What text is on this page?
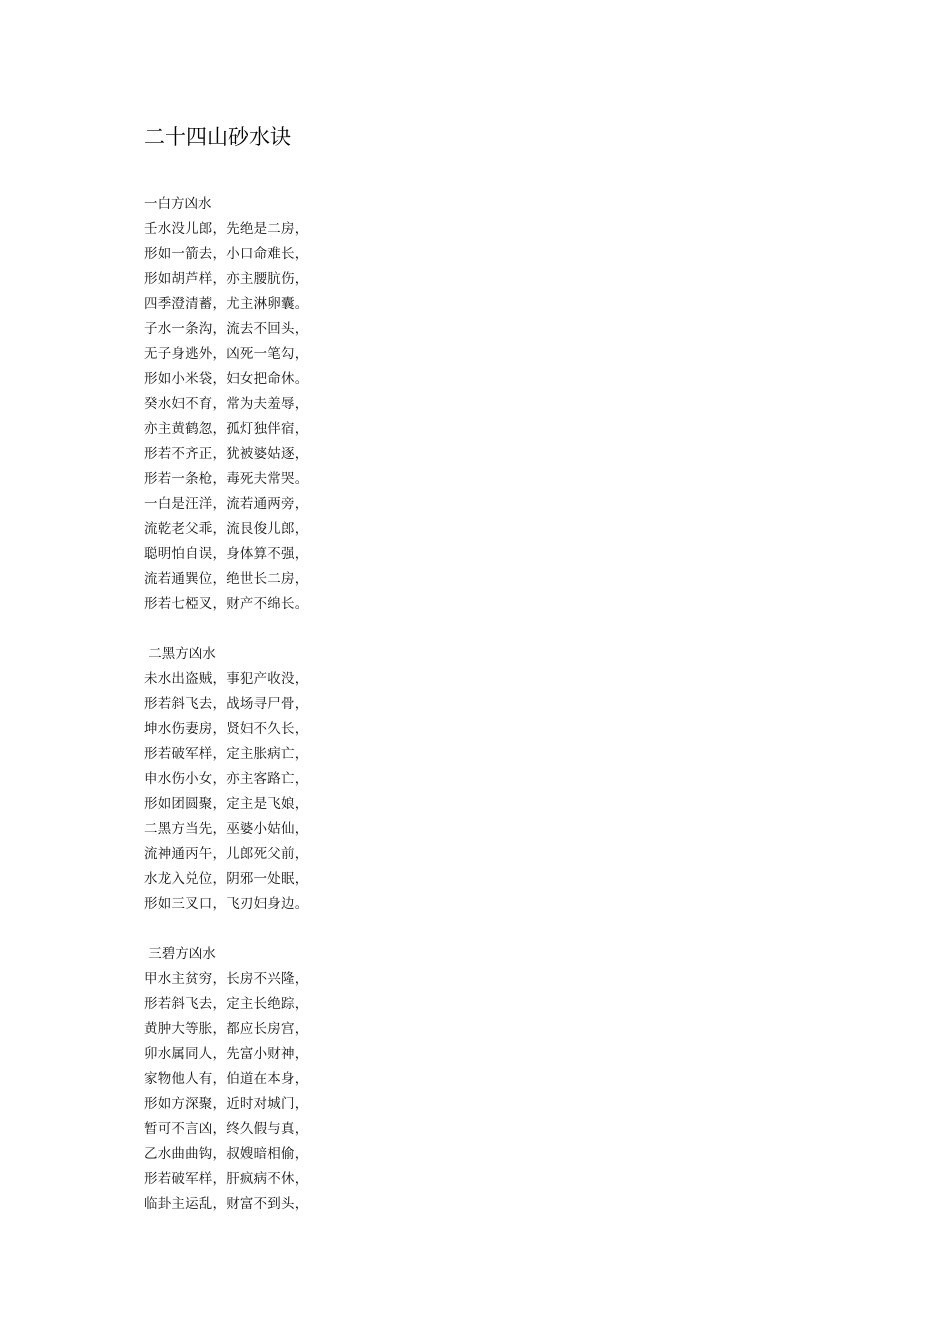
二十四山砂水诀
一白方凶水
壬水没儿郎，先绝是二房，
形如一箭去，小口命难长，
形如胡芦样，亦主腰肮伤，
四季澄清蓄，尤主淋卵囊。
子水一条沟，流去不回头，
无子身逃外，凶死一笔勾，
形如小米袋，妇女把命休。
癸水妇不育，常为夫羞辱，
亦主黄鹤忽，孤灯独伴宿，
形若不齐正，犹被婆姑逐，
形若一条枪，毒死夫常哭。
一白是汪洋，流若通两旁，
流乾老父乖，流艮俊儿郎，
聪明怕自误，身体算不强，
流若通巽位，绝世长二房，
形若七椏叉，财产不绵长。
二黑方凶水
未水出盗贼，事犯产收没，
形若斜飞去，战场寻尸骨，
坤水伤妻房，贤妇不久长，
形若破军样，定主胀病亡，
申水伤小女，亦主客路亡，
形如团圆聚，定主是飞娘，
二黑方当先，巫婆小姑仙，
流神通丙午，儿郎死父前，
水龙入兑位，阴邪一处眠，
形如三叉口，飞刃妇身边。
三碧方凶水
甲水主贫穷，长房不兴隆，
形若斜飞去，定主长绝踪，
黄肿大等胀，都应长房宫，
卯水属同人，先富小财神，
家物他人有，伯道在本身，
形如方深聚，近时对城门，
暂可不言凶，终久假与真，
乙水曲曲钩，叔嫂暗相偷，
形若破军样，肝疯病不休，
临卦主运乱，财富不到头，
